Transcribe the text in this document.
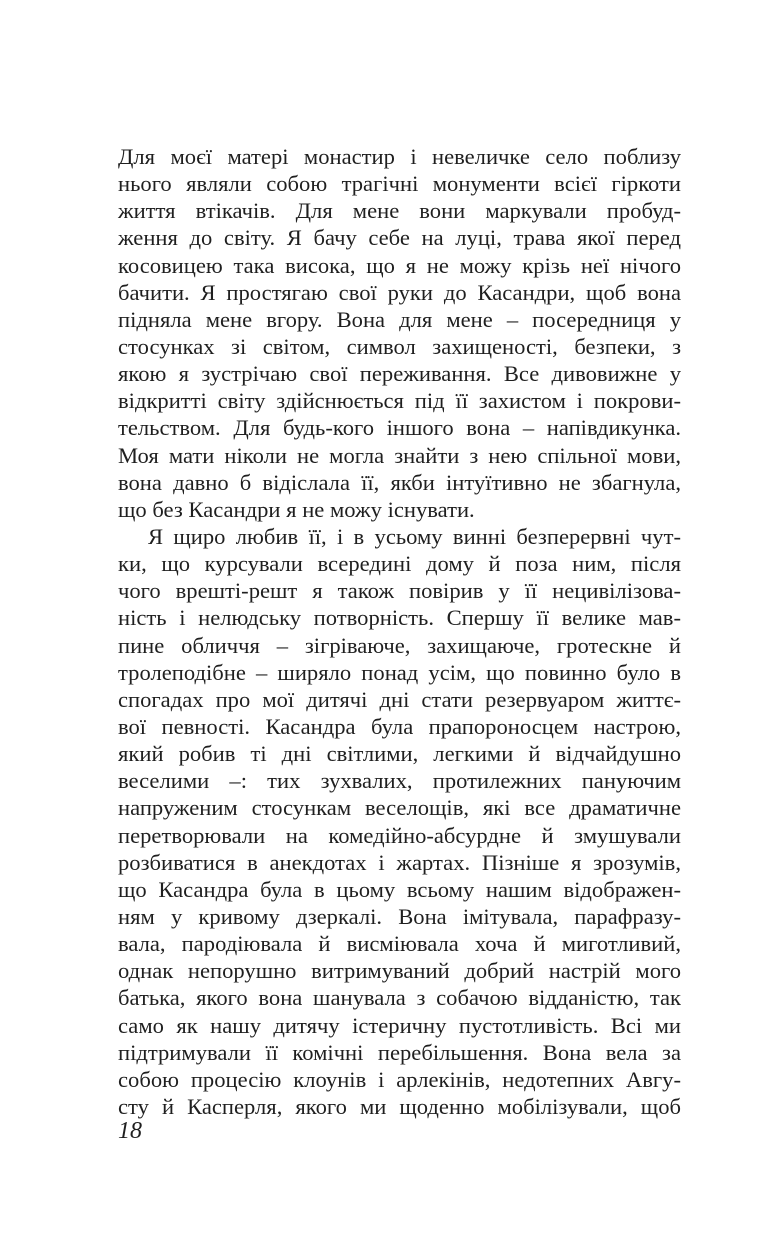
Для моєї матері монастир і невеличке село поблизу
нього являли собою трагічні монументи всієї гіркоти
життя втікачів. Для мене вони маркували пробуд-
ження до світу. Я бачу себе на луці, трава якої перед
косовицею така висока, що я не можу крізь неї нічого
бачити. Я простягаю свої руки до Касандри, щоб вона
підняла мене вгору. Вона для мене – посередниця у
стосунках зі світом, символ захищеності, безпеки, з
якою я зустрічаю свої переживання. Все дивовижне у
відкритті світу здійснюється під її захистом і покрови-
тельством. Для будь-кого іншого вона – напівдикунка.
Моя мати ніколи не могла знайти з нею спільної мови,
вона давно б відіслала її, якби інтуїтивно не збагнула,
що без Касандри я не можу існувати.
Я щиро любив її, і в усьому винні безперервні чут-
ки, що курсували всередині дому й поза ним, після
чого врешті-решт я також повірив у її нецивілізова-
ність і нелюдську потворність. Спершу її велике мав-
пине обличчя – зігріваюче, захищаюче, гротескне й
тролеподібне – ширяло понад усім, що повинно було в
спогадах про мої дитячі дні стати резервуаром життє-
вої певності. Касандра була прапороносцем настрою,
який робив ті дні світлими, легкими й відчайдушно
веселими –: тих зухвалих, протилежних пануючим
напруженим стосункам веселощів, які все драматичне
перетворювали на комедійно-абсурдне й змушували
розбиватися в анекдотах і жартах. Пізніше я зрозумів,
що Касандра була в цьому всьому нашим відображен-
ням у кривому дзеркалі. Вона імітувала, парафразу-
вала, пародіювала й висміювала хоча й миготливий,
однак непорушно витримуваний добрий настрій мого
батька, якого вона шанувала з собачою відданістю, так
само як нашу дитячу істеричну пустотливість. Всі ми
підтримували її комічні перебільшення. Вона вела за
собою процесію клоунів і арлекінів, недотепних Авгу-
сту й Касперля, якого ми щоденно мобілізували, щоб
18
